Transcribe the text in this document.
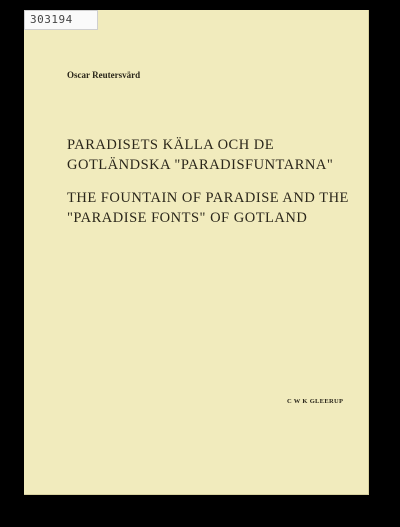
303194
Oscar Reutersvärd
PARADISETS KÄLLA OCH DE
GOTLÄNDSKA "PARADISFUNTARNA"
THE FOUNTAIN OF PARADISE AND THE
"PARADISE FONTS" OF GOTLAND
C W K GLEERUP
